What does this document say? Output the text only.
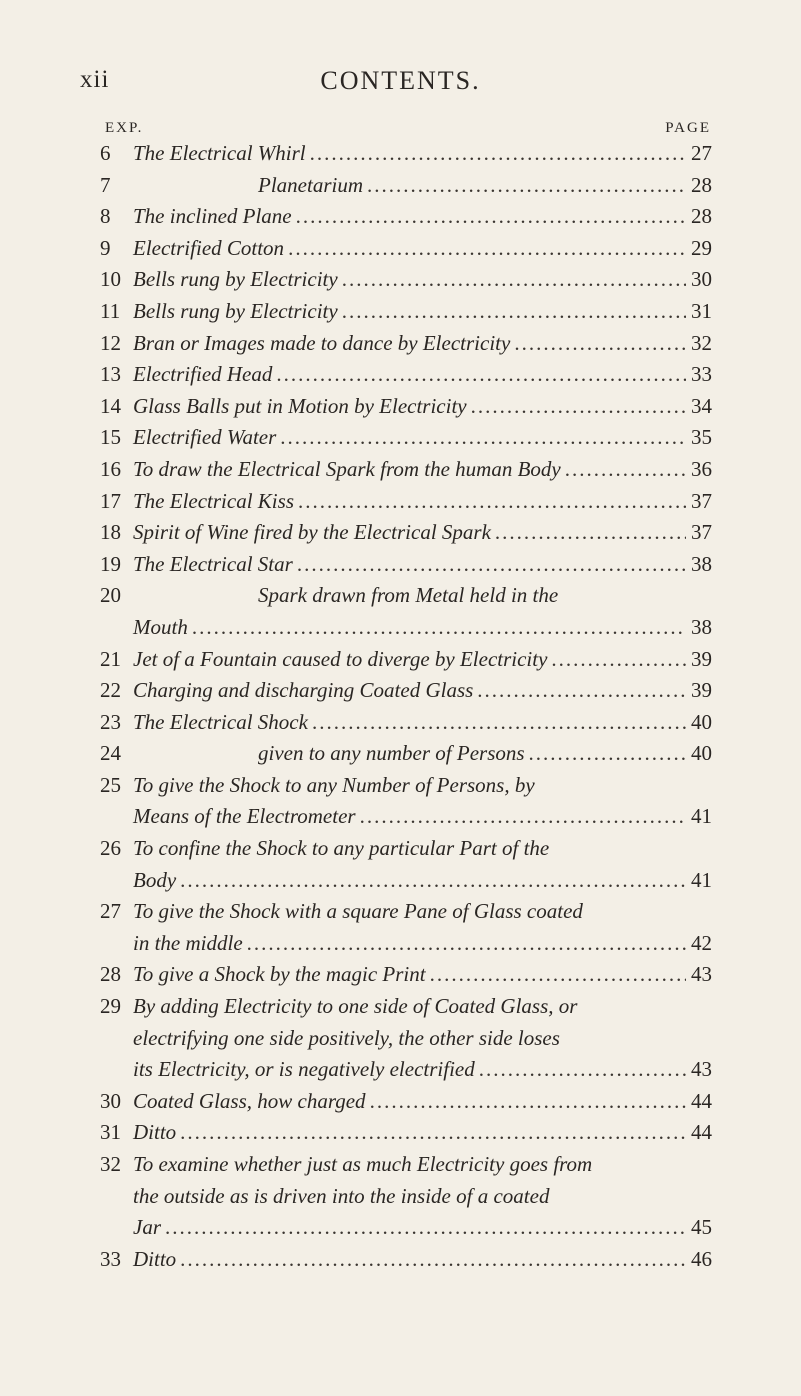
xii	CONTENTS.
EXP.	PAGE
6	The Electrical Whirl .....	27
7	Planetarium .....	28
8	The inclined Plane .....	28
9	Electrified Cotton .....	29
10 Bells rung by Electricity .....	30
11 Bells rung by Electricity .....	31
12 Bran or Images made to dance by Electricity .....	32
13 Electrified Head .....	33
14 Glass Balls put in Motion by Electricity .....	34
15 Electrified Water .....	35
16 To draw the Electrical Spark from the human Body .....	36
17 The Electrical Kiss .....	37
18 Spirit of Wine fired by the Electrical Spark .....	37
19 The Electrical Star .....	38
20	Spark drawn from Metal held in the
Mouth .....	38
21 Jet of a Fountain caused to diverge by Electricity .....	39
22 Charging and discharging Coated Glass .....	39
23 The Electrical Shock .....	40
24	given to any number of Persons .....	40
25 To give the Shock to any Number of Persons, by
Means of the Electrometer .....	41
26 To confine the Shock to any particular Part of the
Body .....	41
27 To give the Shock with a square Pane of Glass coated
in the middle .....	42
28 To give a Shock by the magic Print .....	43
29 By adding Electricity to one side of Coated Glass, or
electrifying one side positively, the other side loses
its Electricity, or is negatively electrified .....	43
30 Coated Glass, how charged .....	44
31 Ditto .....	44
32 To examine whether just as much Electricity goes from
the outside as is driven into the inside of a coated
Jar .....	45
33 Ditto .....	46
